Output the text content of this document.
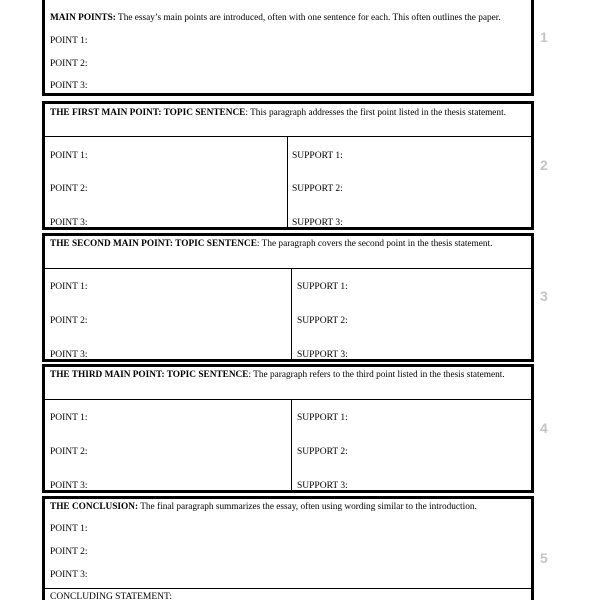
MAIN POINTS: The essay’s main points are introduced, often with one sentence for each. This often outlines the paper.
POINT 1:
POINT 2:
POINT 3:
1
THE FIRST MAIN POINT: TOPIC SENTENCE: This paragraph addresses the first point listed in the thesis statement.
POINT 1:
POINT 2:
POINT 3:
SUPPORT 1:
SUPPORT 2:
SUPPORT 3:
2
THE SECOND MAIN POINT: TOPIC SENTENCE: The paragraph covers the second point in the thesis statement.
POINT 1:
POINT 2:
POINT 3:
SUPPORT 1:
SUPPORT 2:
SUPPORT 3:
3
THE THIRD MAIN POINT: TOPIC SENTENCE: The paragraph refers to the third point listed in the thesis statement.
POINT 1:
POINT 2:
POINT 3:
SUPPORT 1:
SUPPORT 2:
SUPPORT 3:
4
THE CONCLUSION: The final paragraph summarizes the essay, often using wording similar to the introduction.
POINT 1:
POINT 2:
POINT 3:
CONCLUDING STATEMENT:
5
